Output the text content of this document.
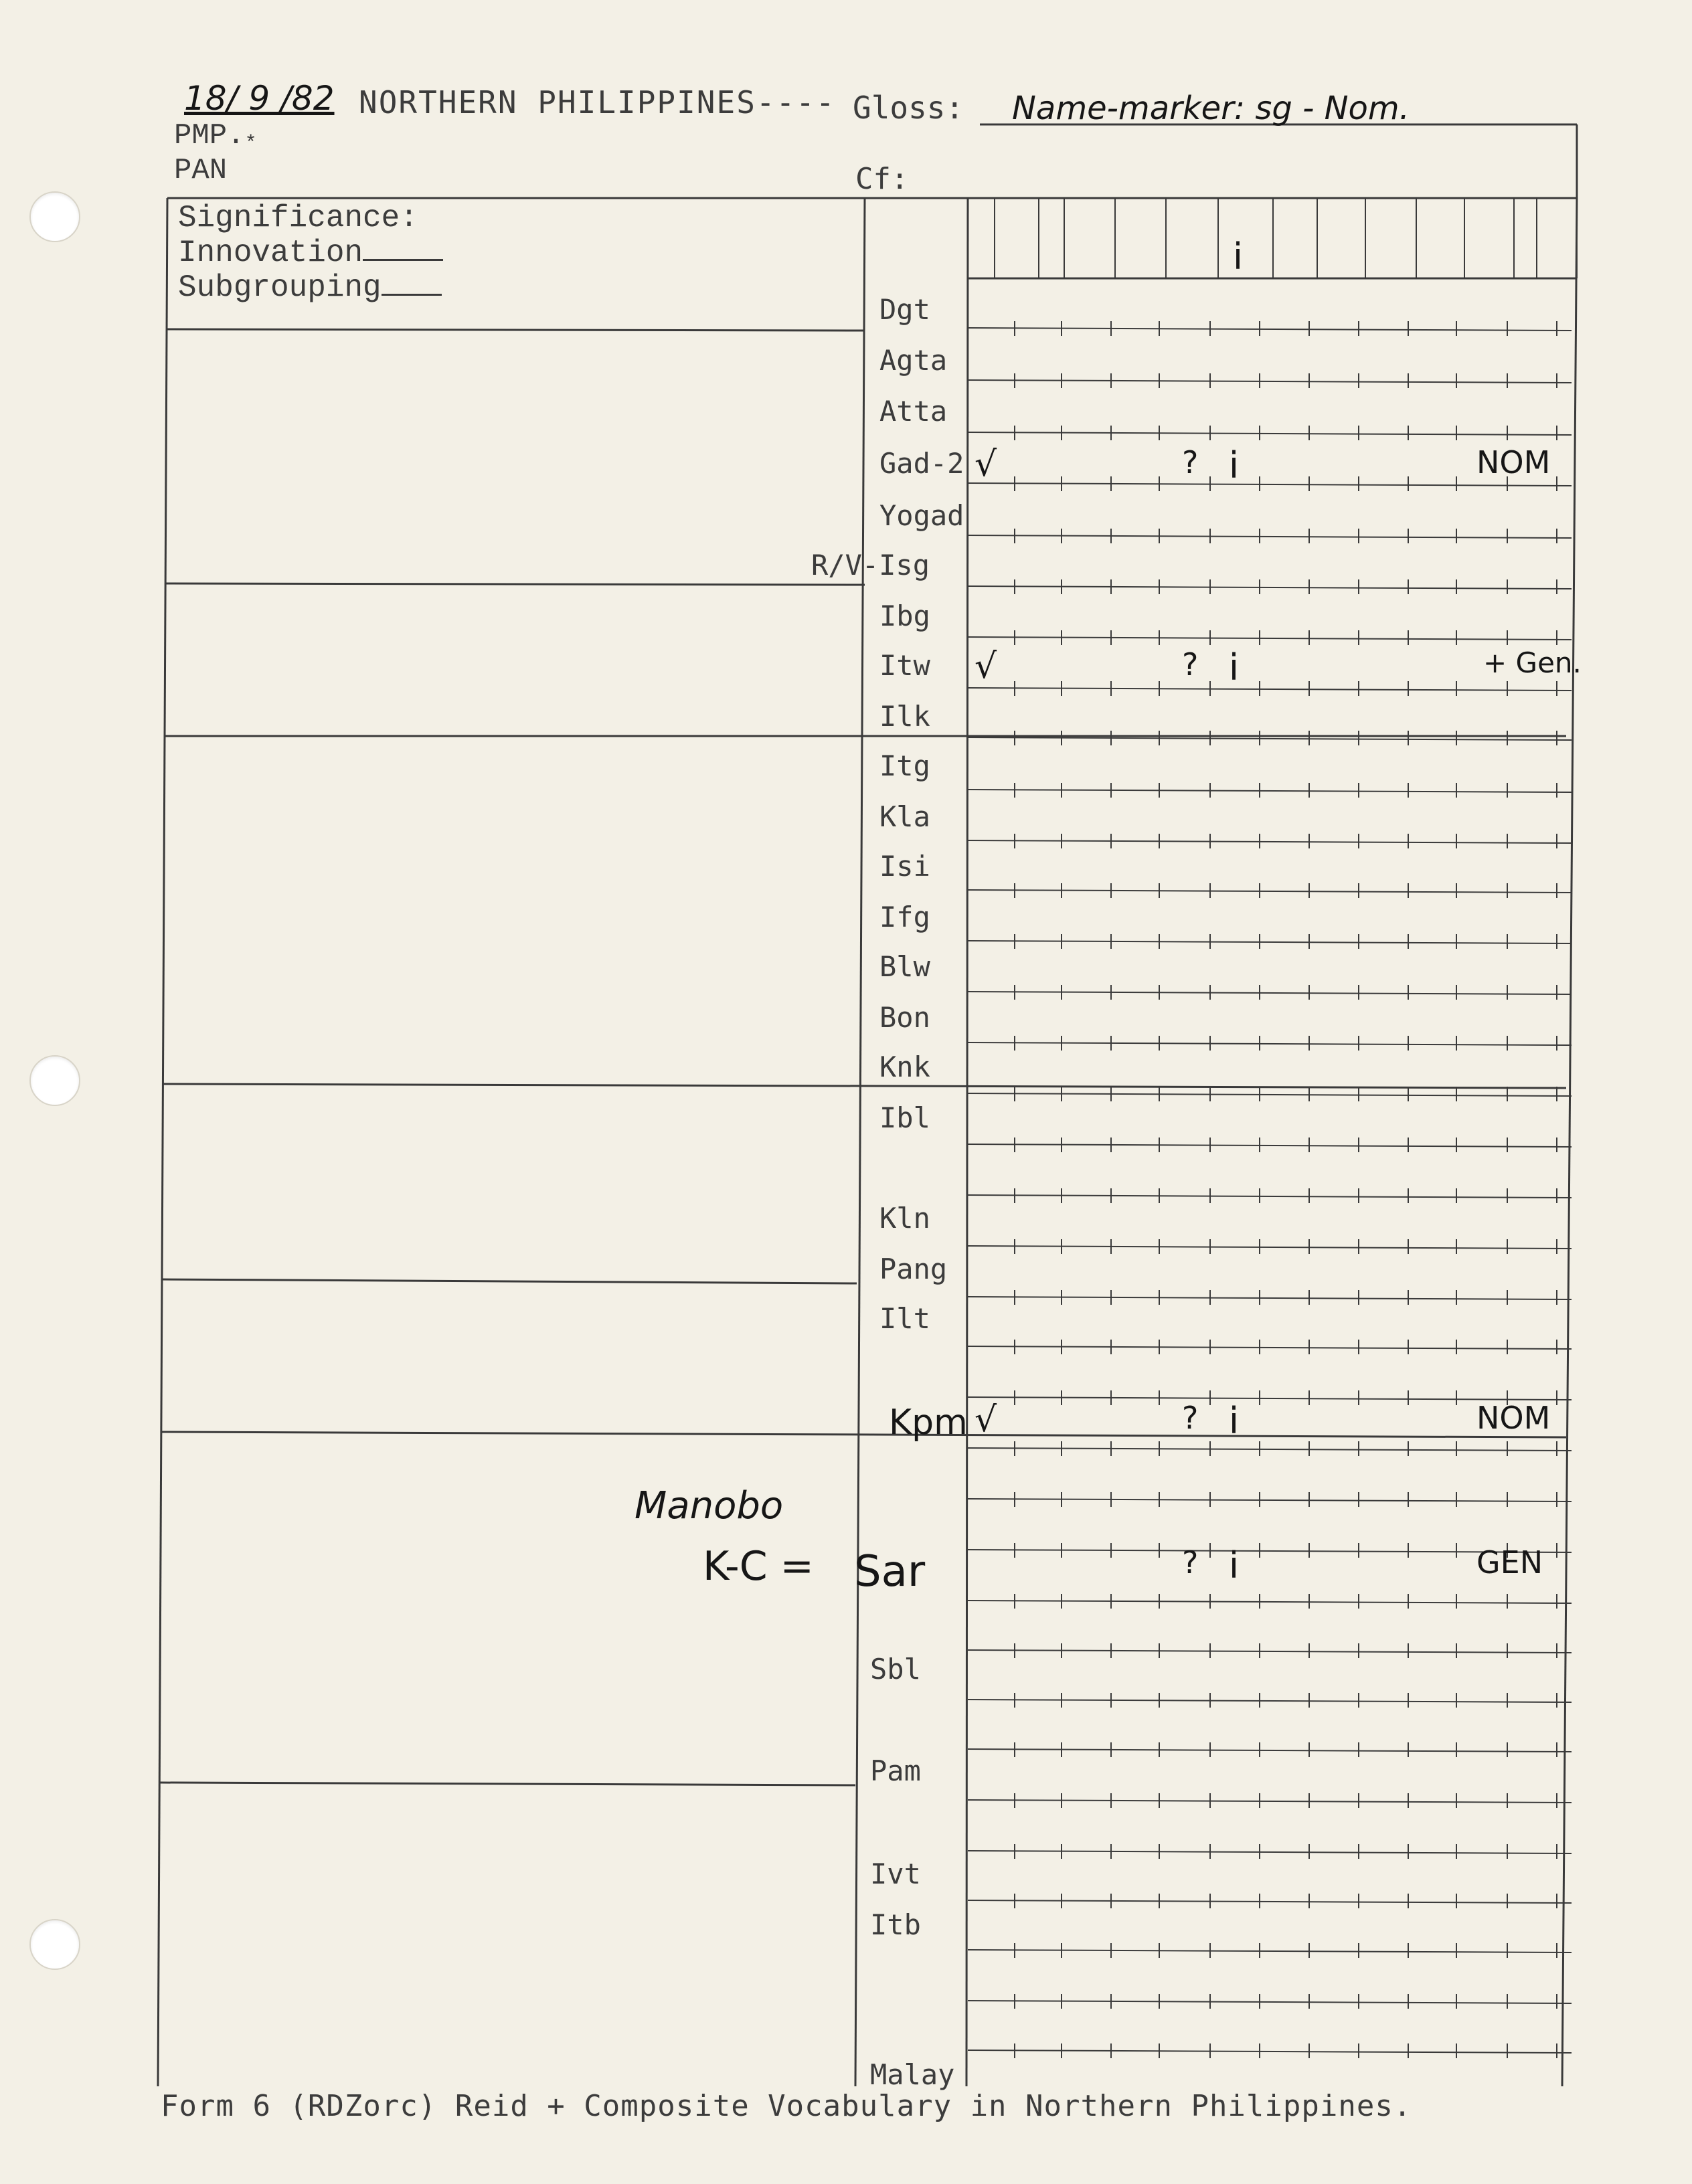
18/ 9 /82 NORTHERN PHILIPPINES---- Gloss: Name-marker: sg - Nom.
PMP.*
PAN	Cf:
Significance:
Innovation
Subgrouping
i
Dgt
Agta
Atta
Gad-2 √	? i	NOM
Yogad
R/V-Isg
Ibg
Itw √	? i	+ Gen.
Ilk
Itg
Kla
Isi
Ifg
Blw
Bon
Knk
Ibl
Kln
Pang
Ilt
Kpm √	? i	NOM
Sar	? i	GEN
Sbl
Pam
Ivt
Itb
Malay
Manobo
K-C =
Form 6 (RDZorc) Reid + Composite Vocabulary in Northern Philippines.
